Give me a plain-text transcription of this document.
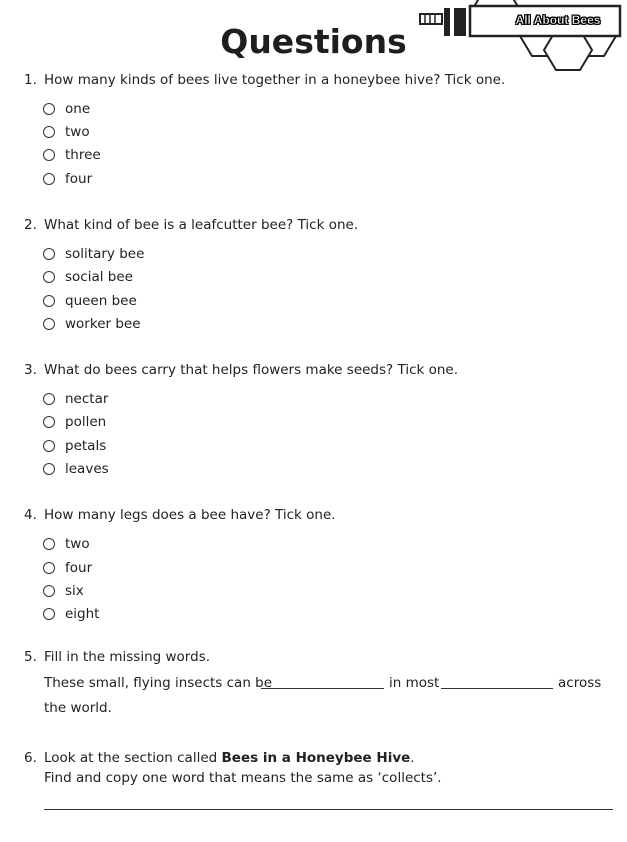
All About Bees
Questions
1. How many kinds of bees live together in a honeybee hive? Tick one.
one
two
three
four
2. What kind of bee is a leafcutter bee? Tick one.
solitary bee
social bee
queen bee
worker bee
3. What do bees carry that helps flowers make seeds? Tick one.
nectar
pollen
petals
leaves
4. How many legs does a bee have? Tick one.
two
four
six
eight
5. Fill in the missing words.
These small, flying insects can be	in most	across
the world.
6. Look at the section called Bees in a Honeybee Hive.
Find and copy one word that means the same as ‘collects’.
